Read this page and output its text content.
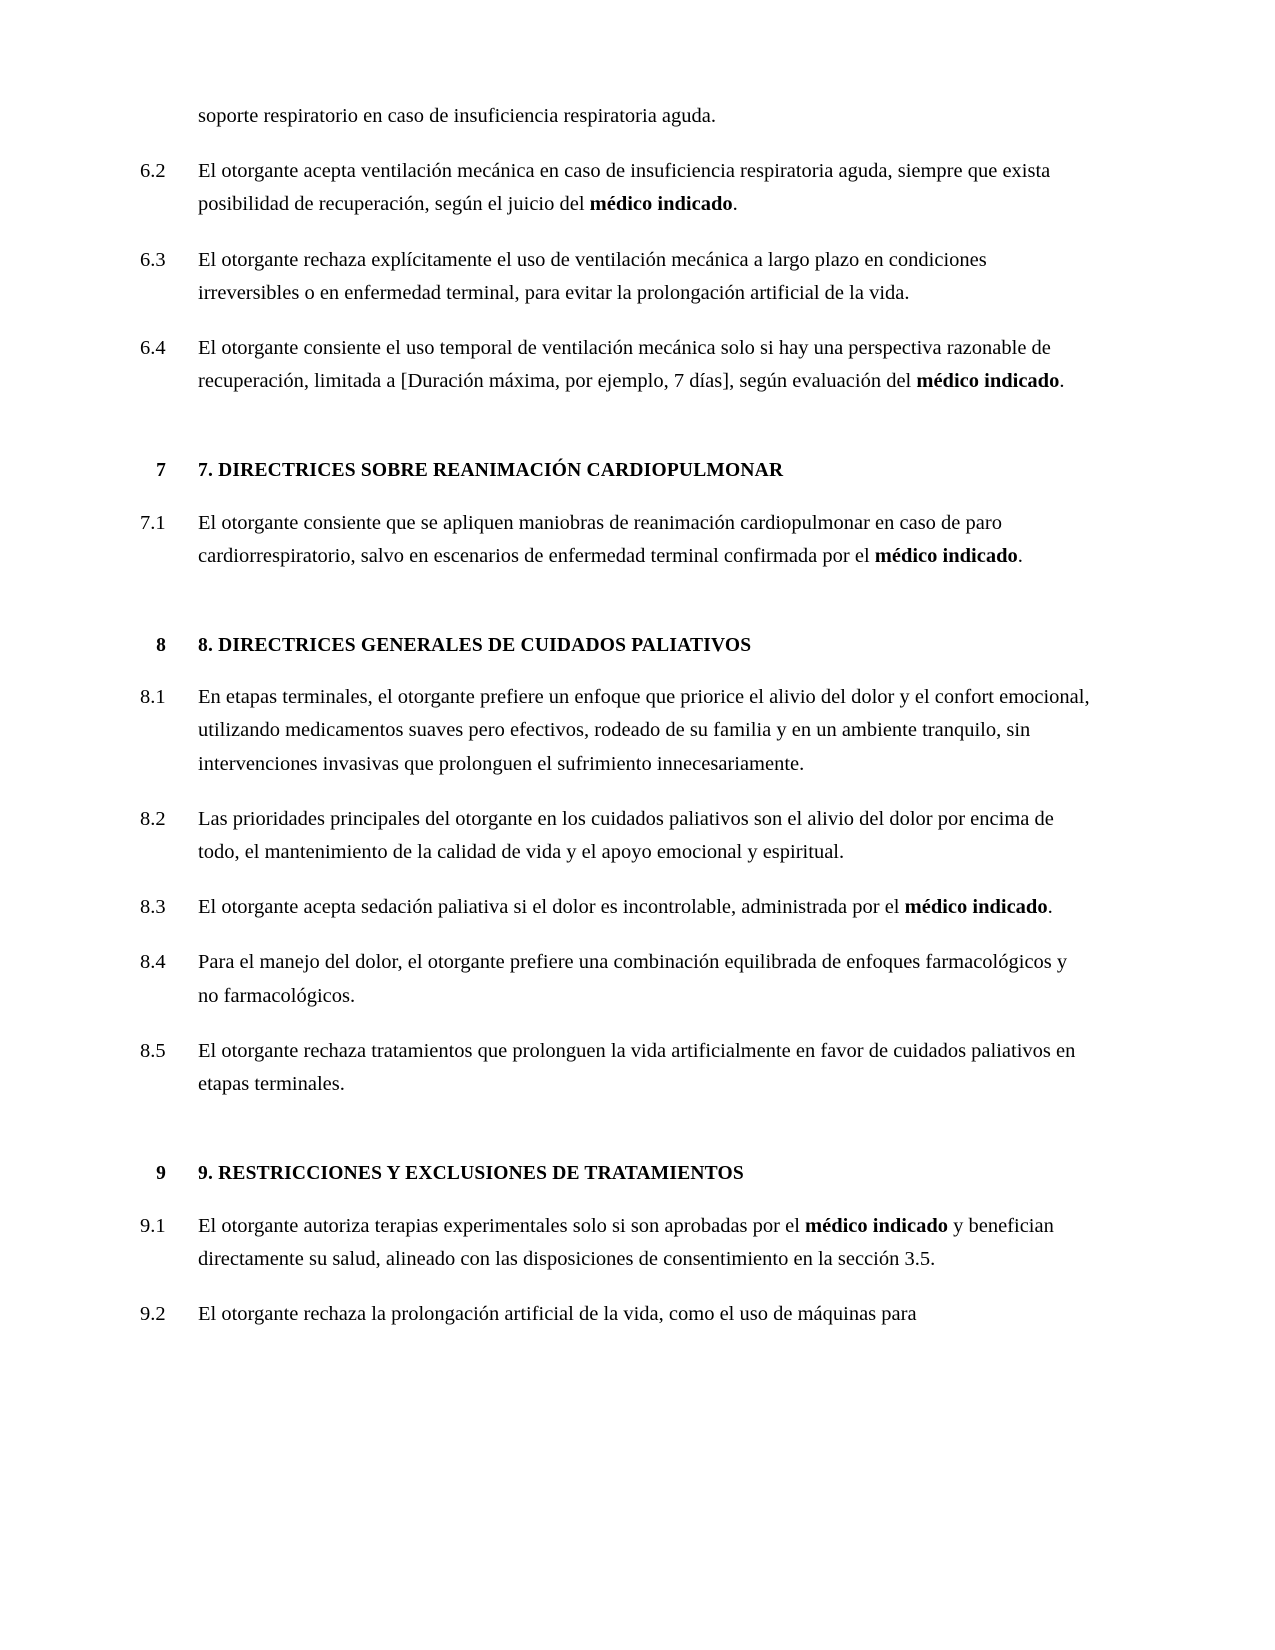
soporte respiratorio en caso de insuficiencia respiratoria aguda.

6.2	El otorgante acepta ventilación mecánica en caso de insuficiencia respiratoria aguda, siempre que exista posibilidad de recuperación, según el juicio del médico indicado.
6.3	El otorgante rechaza explícitamente el uso de ventilación mecánica a largo plazo en condiciones irreversibles o en enfermedad terminal, para evitar la prolongación artificial de la vida.
6.4	El otorgante consiente el uso temporal de ventilación mecánica solo si hay una perspectiva razonable de recuperación, limitada a [Duración máxima, por ejemplo, 7 días], según evaluación del médico indicado.
7	7. DIRECTRICES SOBRE REANIMACIÓN CARDIOPULMONAR
7.1	El otorgante consiente que se apliquen maniobras de reanimación cardiopulmonar en caso de paro cardiorrespiratorio, salvo en escenarios de enfermedad terminal confirmada por el médico indicado.
8	8. DIRECTRICES GENERALES DE CUIDADOS PALIATIVOS
8.1	En etapas terminales, el otorgante prefiere un enfoque que priorice el alivio del dolor y el confort emocional, utilizando medicamentos suaves pero efectivos, rodeado de su familia y en un ambiente tranquilo, sin intervenciones invasivas que prolonguen el sufrimiento innecesariamente.
8.2	Las prioridades principales del otorgante en los cuidados paliativos son el alivio del dolor por encima de todo, el mantenimiento de la calidad de vida y el apoyo emocional y espiritual.
8.3	El otorgante acepta sedación paliativa si el dolor es incontrolable, administrada por el médico indicado.
8.4	Para el manejo del dolor, el otorgante prefiere una combinación equilibrada de enfoques farmacológicos y no farmacológicos.
8.5	El otorgante rechaza tratamientos que prolonguen la vida artificialmente en favor de cuidados paliativos en etapas terminales.
9	9. RESTRICCIONES Y EXCLUSIONES DE TRATAMIENTOS
9.1	El otorgante autoriza terapias experimentales solo si son aprobadas por el médico indicado y benefician directamente su salud, alineado con las disposiciones de consentimiento en la sección 3.5.
9.2	El otorgante rechaza la prolongación artificial de la vida, como el uso de máquinas para
